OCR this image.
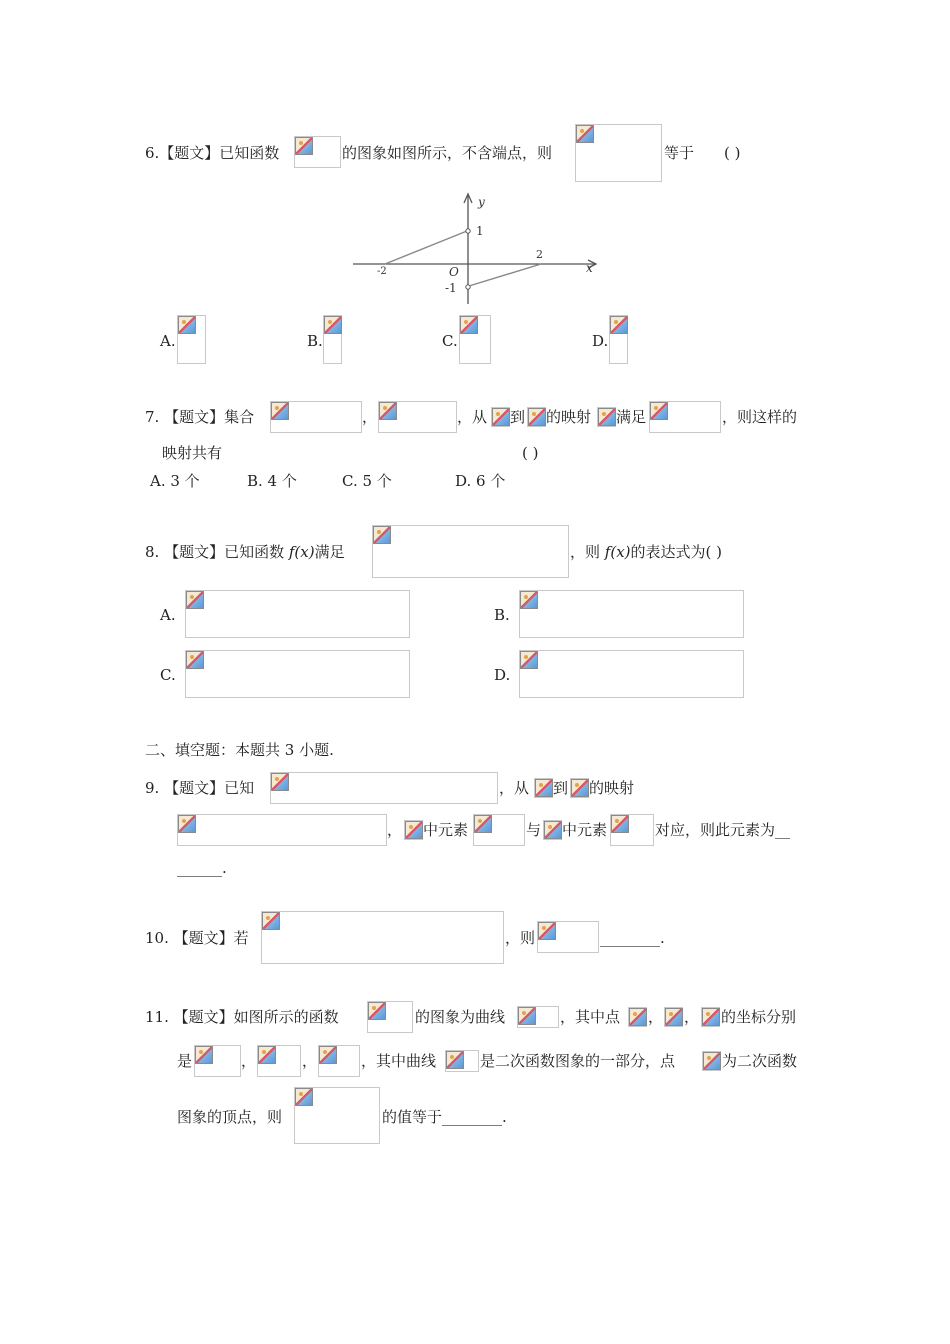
6.【题文】已知函数	的图象如图所示，不含端点，则	等于 ( )
y
x
O
1
-1
-2
2
A.	B.	C.	D.
7. 【题文】集合	，	，从 到 的映射 满足	，则这样的
映射共有	( )
A. 3 个	B. 4 个	C. 5 个	D. 6 个
8. 【题文】已知函数 f(x)满足	，则 f(x)的表达式为( )
A.	B.
C.	D.
二、填空题：本题共 3 小题.
9. 【题文】已知	，从 到 的映射
， 中元素	与 中元素	对应，则此元素为__
______.
10. 【题文】若	，则	________.
11. 【题文】如图所示的函数	的图象为曲线	，其中点 ， ， 的坐标分别
是	，	，	，其中曲线	是二次函数图象的一部分，点	为二次函数
图象的顶点，则	的值等于________.
